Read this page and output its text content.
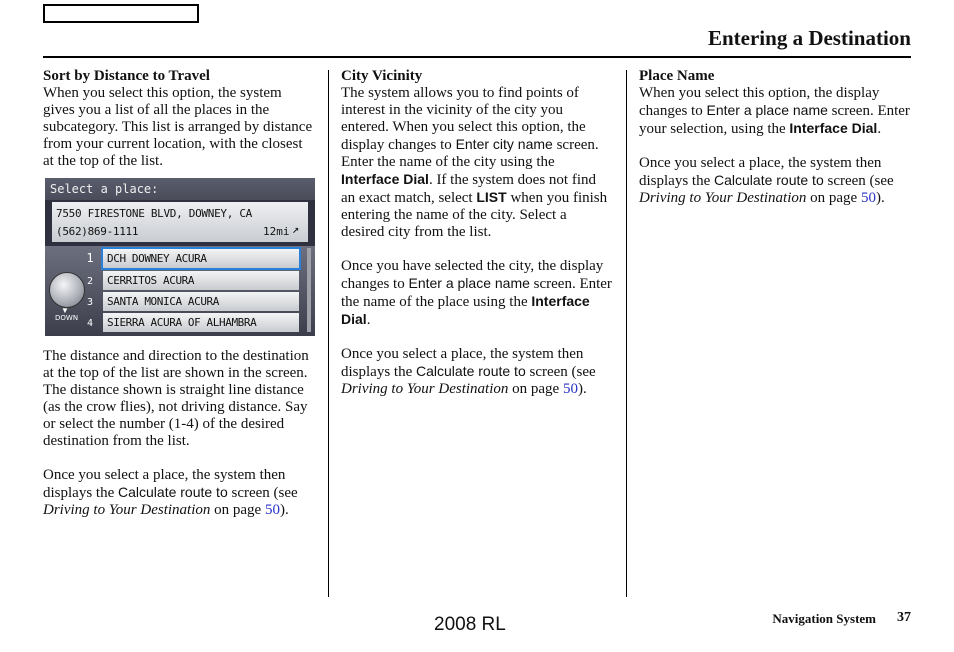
Entering a Destination
Sort by Distance to Travel
When you select this option, the system gives you a list of all the places in the subcategory. This list is arranged by distance from your current location, with the closest at the top of the list.
Select a place:
7550 FIRESTONE BLVD, DOWNEY, CA
(562)869-1111	12mi ↗
▼
DOWN
1	DCH DOWNEY ACURA
2	CERRITOS ACURA
3	SANTA MONICA ACURA
4	SIERRA ACURA OF ALHAMBRA

The distance and direction to the destination at the top of the list are shown in the screen. The distance shown is straight line distance (as the crow flies), not driving distance. Say or select the number (1-4) of the desired destination from the list.

Once you select a place, the system then displays the Calculate route to screen (see Driving to Your Destination on page 50).

City Vicinity

The system allows you to find points of interest in the vicinity of the city you entered. When you select this option, the display changes to Enter city name screen. Enter the name of the city using the Interface Dial. If the system does not find an exact match, select LIST when you finish entering the name of the city. Select a desired city from the list.

Once you have selected the city, the display changes to Enter a place name screen. Enter the name of the place using the Interface Dial.

Once you select a place, the system then displays the Calculate route to screen (see Driving to Your Destination on page 50).

Place Name

When you select this option, the display changes to Enter a place name screen. Enter your selection, using the Interface Dial.

Once you select a place, the system then displays the Calculate route to screen (see Driving to Your Destination on page 50).

2008 RL	Navigation System 37
